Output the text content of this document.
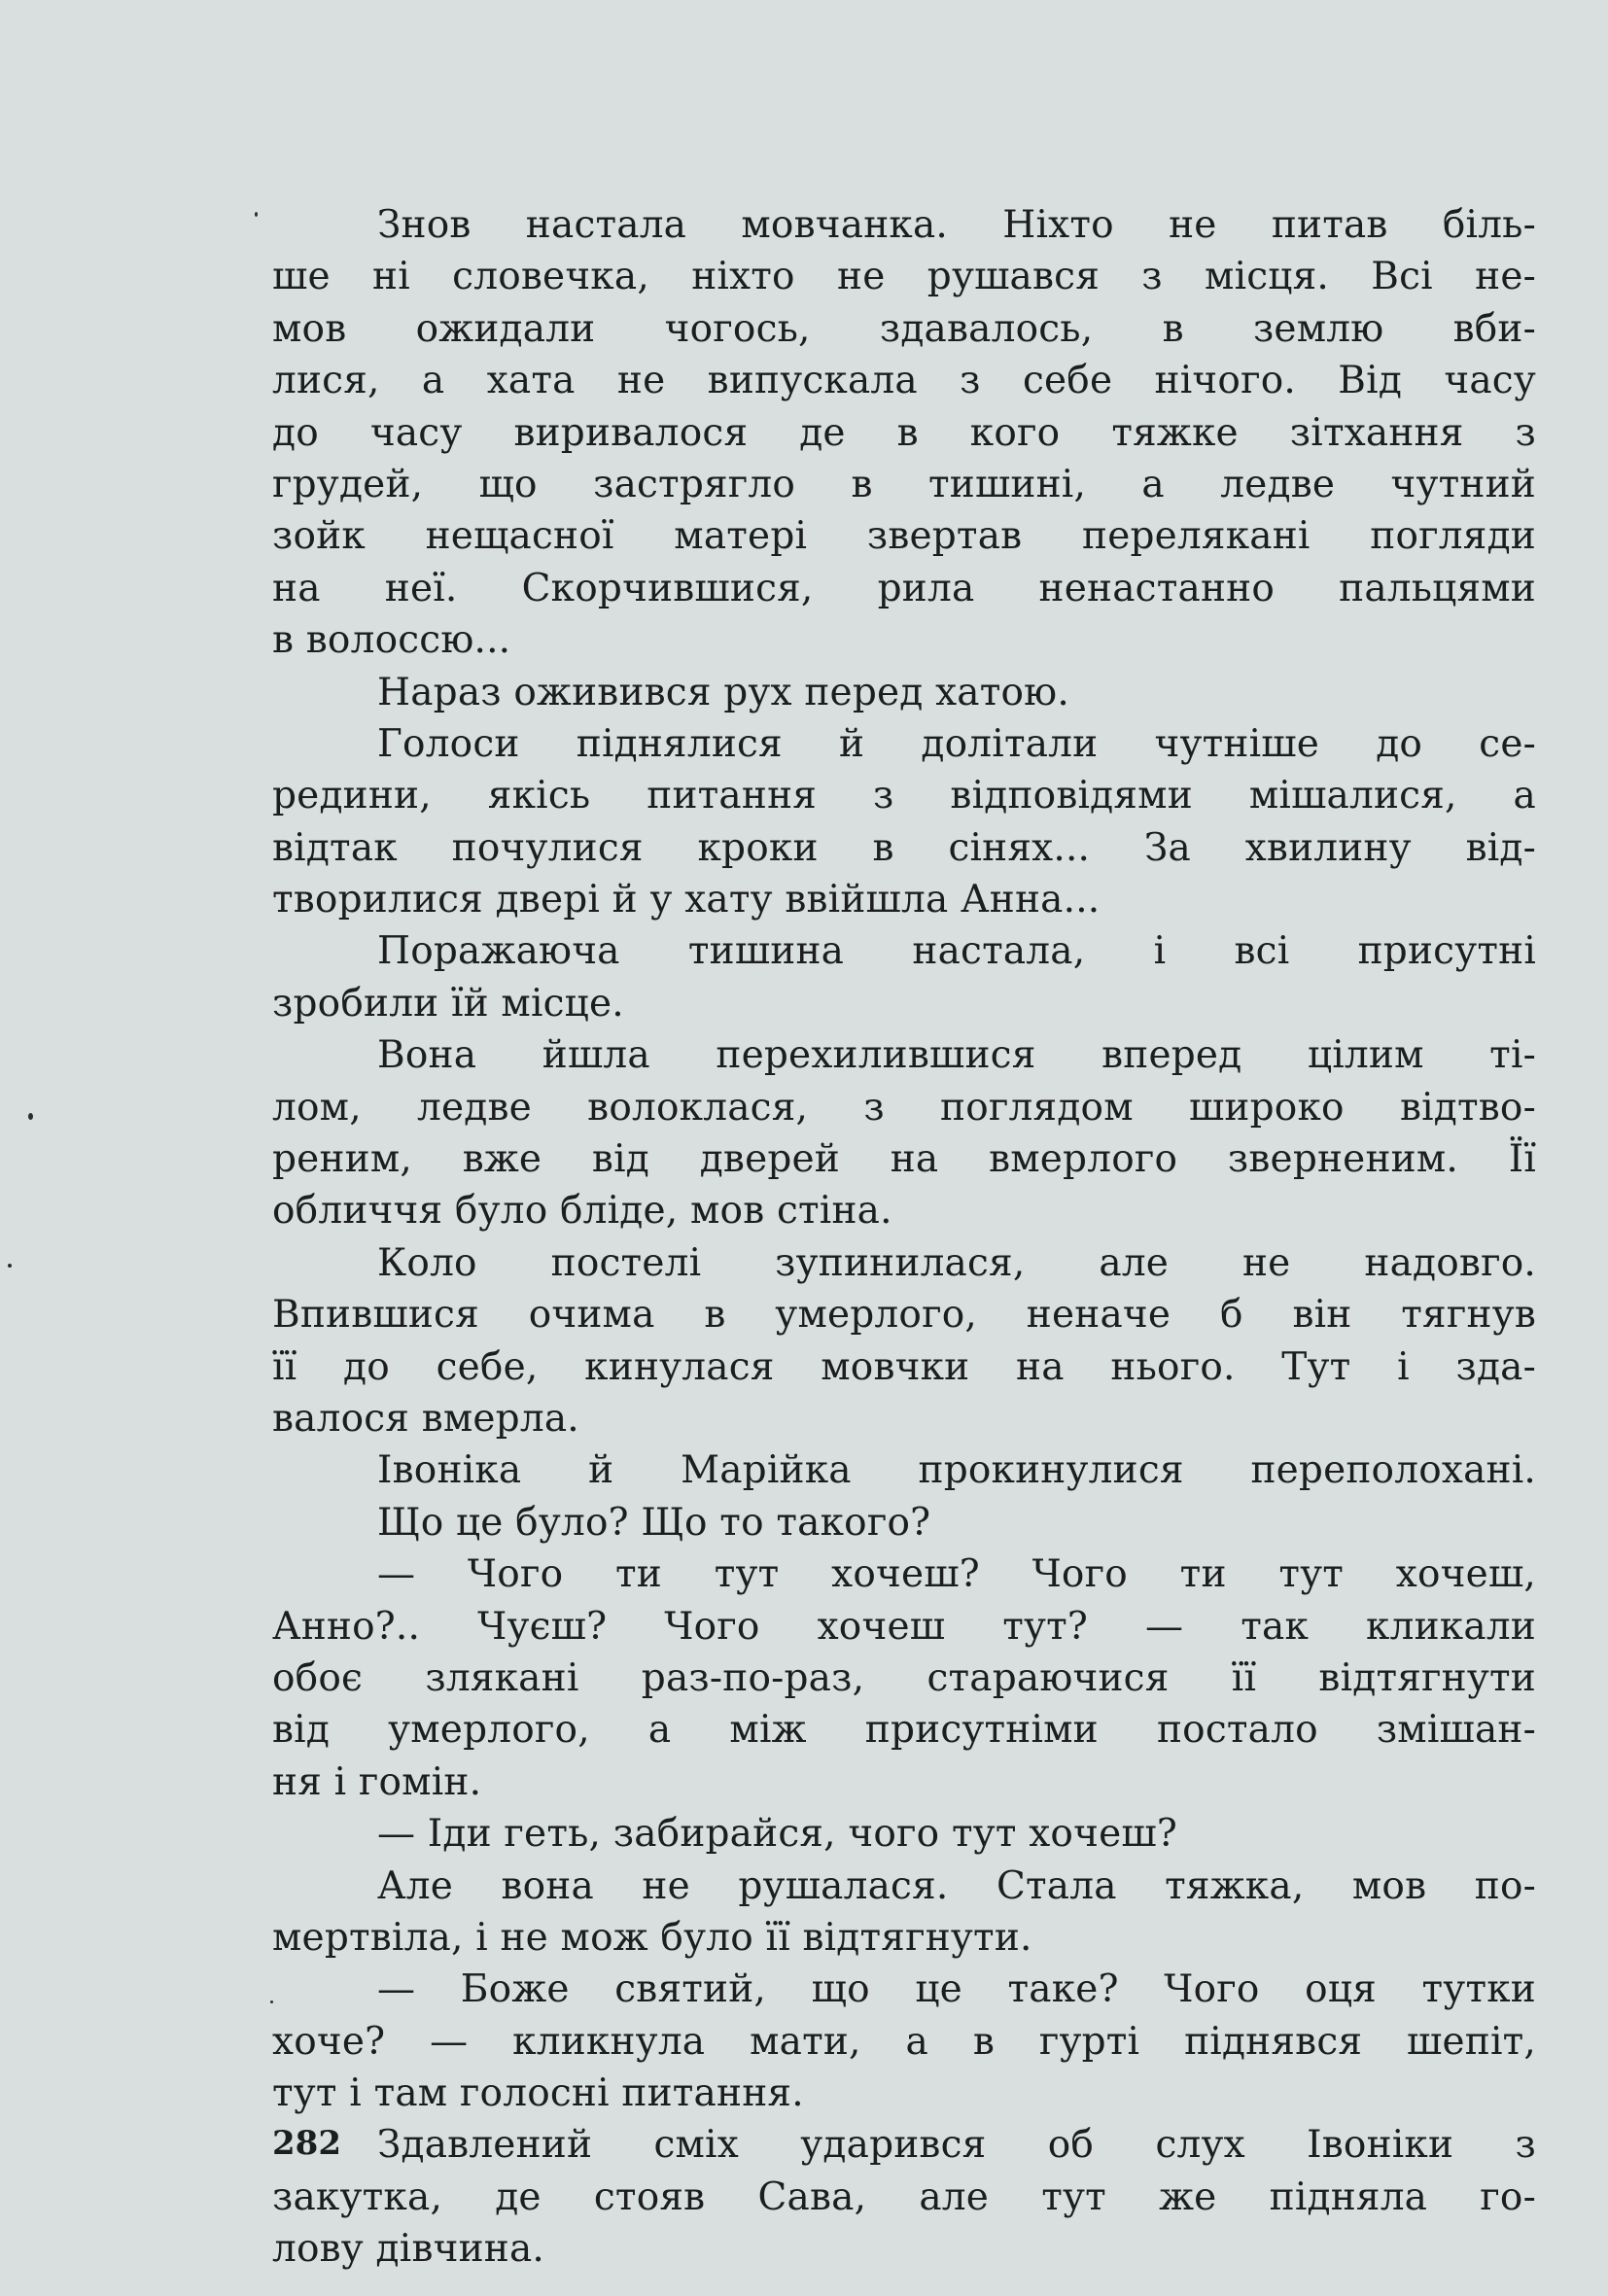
Знов настала мовчанка. Ніхто не питав біль-
ше ні словечка, ніхто не рушався з місця. Всі не-
мов ожидали чогось, здавалось, в землю вби-
лися, а хата не випускала з себе нічого. Від часу
до часу виривалося де в кого тяжке зітхання з
грудей, що застрягло в тишині, а ледве чутний
зойк нещасної матері звертав перелякані погляди
на неї. Скорчившися, рила ненастанно пальцями
в волоссю...
Нараз оживився рух перед хатою.
Голоси піднялися й долітали чутніше до се-
редини, якісь питання з відповідями мішалися, а
відтак почулися кроки в сінях... За хвилину від-
творилися двері й у хату ввійшла Анна...
Поражаюча тишина настала, і всі присутні
зробили їй місце.
Вона йшла перехилившися вперед цілим ті-
лом, ледве волоклася, з поглядом широко відтво-
реним, вже від дверей на вмерлого зверненим. Її
обличчя було бліде, мов стіна.
Коло постелі зупинилася, але не надовго.
Впившися очима в умерлого, неначе б він тягнув
її до себе, кинулася мовчки на нього. Тут і зда-
валося вмерла.
Івоніка й Марійка прокинулися переполохані.
Що це було? Що то такого?
— Чого ти тут хочеш? Чого ти тут хочеш,
Анно?.. Чуєш? Чого хочеш тут? — так кликали
обоє злякані раз-по-раз, стараючися її відтягнути
від умерлого, а між присутніми постало змішан-
ня і гомін.
— Іди геть, забирайся, чого тут хочеш?
Але вона не рушалася. Стала тяжка, мов по-
мертвіла, і не мож було її відтягнути.
— Боже святий, що це таке? Чого оця тутки
хоче? — кликнула мати, а в гурті піднявся шепіт,
тут і там голосні питання.
Здавлений сміх ударився об слух Івоніки з
закутка, де стояв Сава, але тут же підняла го-
лову дівчина.
282
